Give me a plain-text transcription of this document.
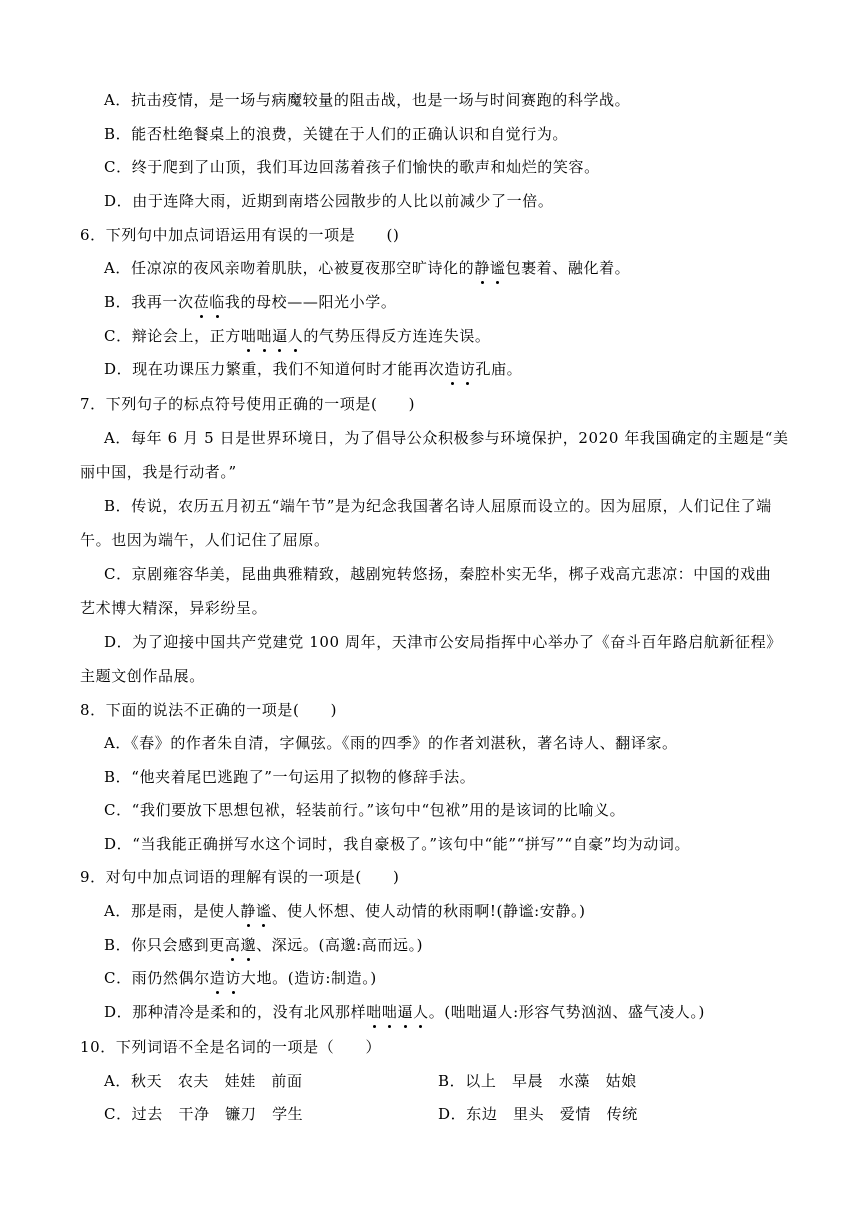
A．抗击疫情，是一场与病魔较量的阻击战，也是一场与时间赛跑的科学战。
B．能否杜绝餐桌上的浪费，关键在于人们的正确认识和自觉行为。
C．终于爬到了山顶，我们耳边回荡着孩子们愉快的歌声和灿烂的笑容。
D．由于连降大雨，近期到南塔公园散步的人比以前减少了一倍。
6．下列句中加点词语运用有误的一项是　　()
A．任凉凉的夜风亲吻着肌肤，心被夏夜那空旷诗化的静谧包裹着、融化着。
B．我再一次莅临我的母校——阳光小学。
C．辩论会上，正方咄咄逼人的气势压得反方连连失误。
D．现在功课压力繁重，我们不知道何时才能再次造访孔庙。
7．下列句子的标点符号使用正确的一项是(　　)
A．每年 6 月 5 日是世界环境日，为了倡导公众积极参与环境保护，2020 年我国确定的主题是“美
丽中国，我是行动者。”
B．传说，农历五月初五“端午节”是为纪念我国著名诗人屈原而设立的。因为屈原，人们记住了端
午。也因为端午，人们记住了屈原。
C．京剧雍容华美，昆曲典雅精致，越剧宛转悠扬，秦腔朴实无华，梆子戏高亢悲凉：中国的戏曲
艺术博大精深，异彩纷呈。
D．为了迎接中国共产党建党 100 周年，天津市公安局指挥中心举办了《奋斗百年路启航新征程》
主题文创作品展。
8．下面的说法不正确的一项是(　　)
A．《春》的作者朱自清，字佩弦。《雨的四季》的作者刘湛秋，著名诗人、翻译家。
B．“他夹着尾巴逃跑了”一句运用了拟物的修辞手法。
C．“我们要放下思想包袱，轻装前行。”该句中“包袱”用的是该词的比喻义。
D．“当我能正确拼写水这个词时，我自豪极了。”该句中“能”“拼写”“自豪”均为动词。
9．对句中加点词语的理解有误的一项是(　　)
A．那是雨，是使人静谧、使人怀想、使人动情的秋雨啊!(静谧:安静。)
B．你只会感到更高邈、深远。(高邈:高而远。)
C．雨仍然偶尔造访大地。(造访:制造。)
D．那种清冷是柔和的，没有北风那样咄咄逼人。(咄咄逼人:形容气势汹汹、盛气凌人。)
10．下列词语不全是名词的一项是（　　）
A．秋天　农夫　娃娃　前面	B．以上　早晨　水藻　姑娘
C．过去　干净　镰刀　学生	D．东边　里头　爱情　传统
